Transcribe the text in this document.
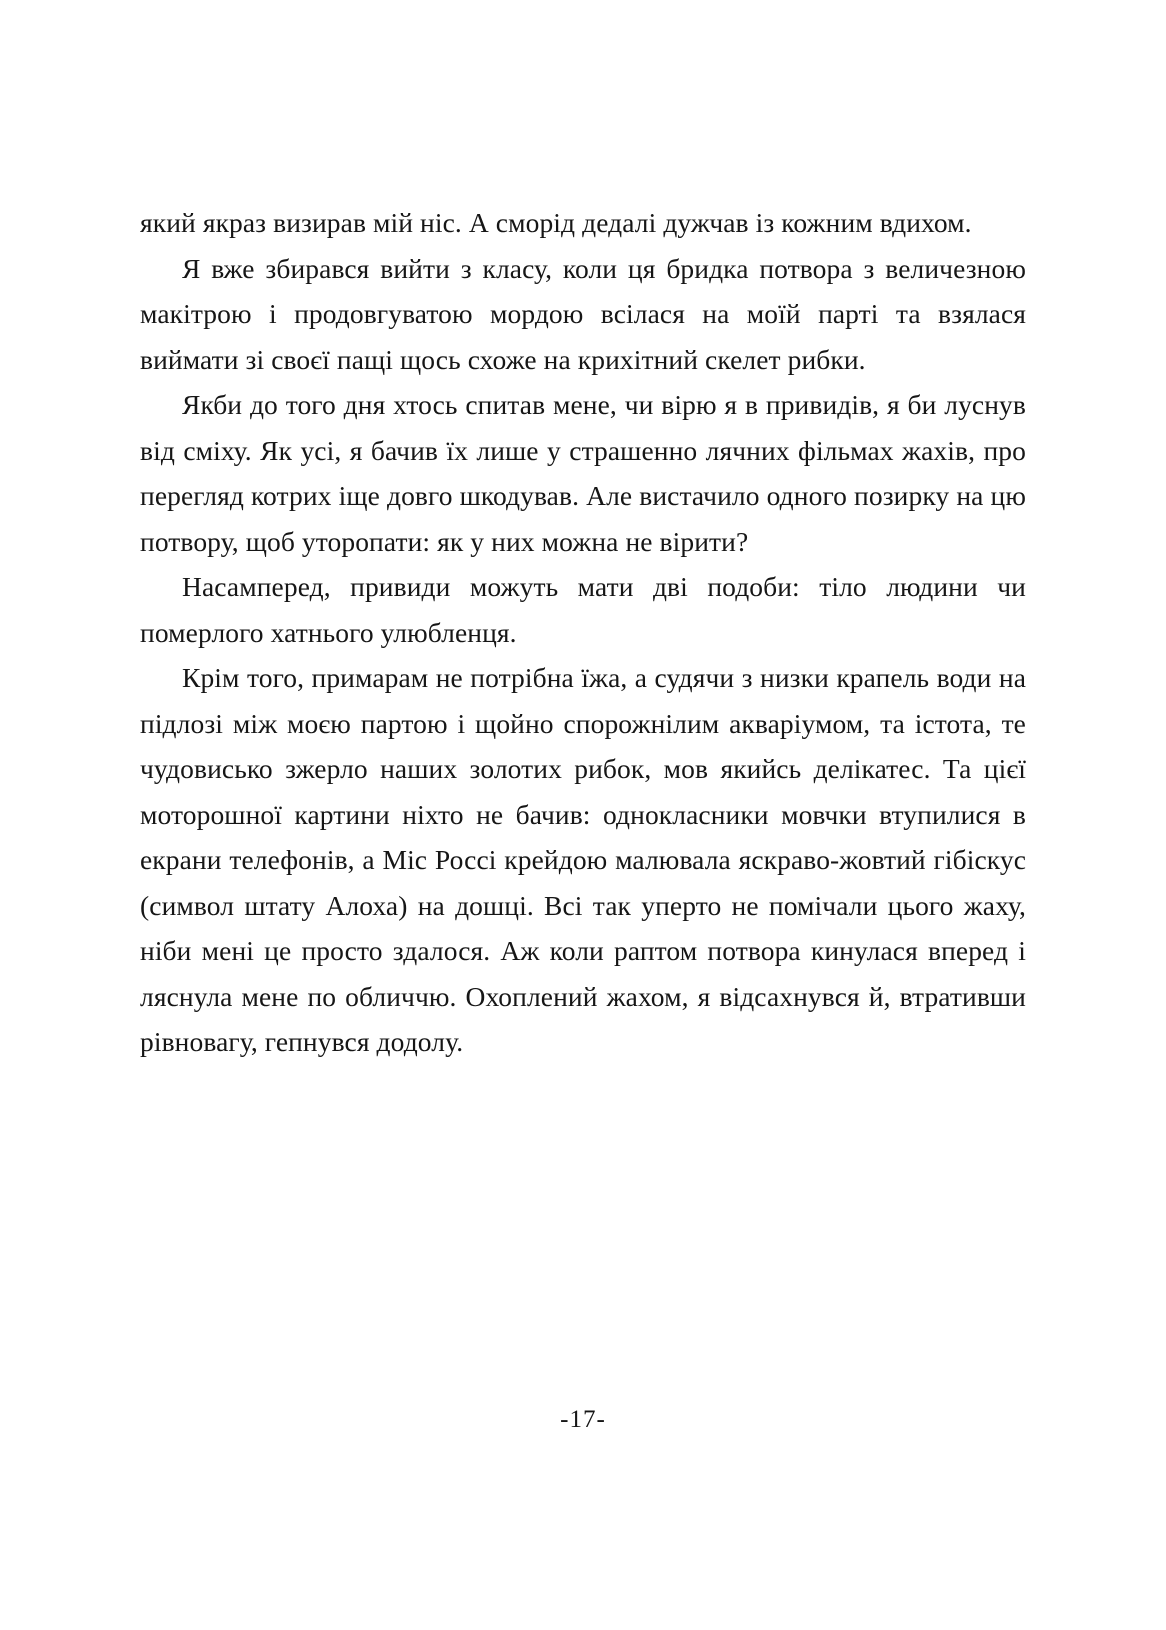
який якраз визирав мій ніс. А сморід дедалі дужчав із кожним вдихом.

Я вже збирався вийти з класу, коли ця бридка потвора з величезною макітрою і продовгуватою мордою всілася на моїй парті та взялася виймати зі своєї пащі щось схоже на крихітний скелет рибки.

Якби до того дня хтось спитав мене, чи вірю я в привидів, я би луснув від сміху. Як усі, я бачив їх лише у страшенно лячних фільмах жахів, про перегляд котрих іще довго шкодував. Але вистачило одного позирку на цю потвору, щоб уторопати: як у них можна не вірити?

Насамперед, привиди можуть мати дві подоби: тіло людини чи померлого хатнього улюбленця.

Крім того, примарам не потрібна їжа, а судячи з низки крапель води на підлозі між моєю партою і щойно спорожнілим акваріумом, та істота, те чудовисько зжерло наших золотих рибок, мов якийсь делікатес. Та цієї моторошної картини ніхто не бачив: однокласники мовчки втупилися в екрани телефонів, а Міс Россі крейдою малювала яскраво-жовтий гібіскус (символ штату Алоха) на дошці. Всі так уперто не помічали цього жаху, ніби мені це просто здалося. Аж коли раптом потвора кинулася вперед і ляснула мене по обличчю. Охоплений жахом, я відсахнувся й, втративши рівновагу, гепнувся додолу.

-17-
